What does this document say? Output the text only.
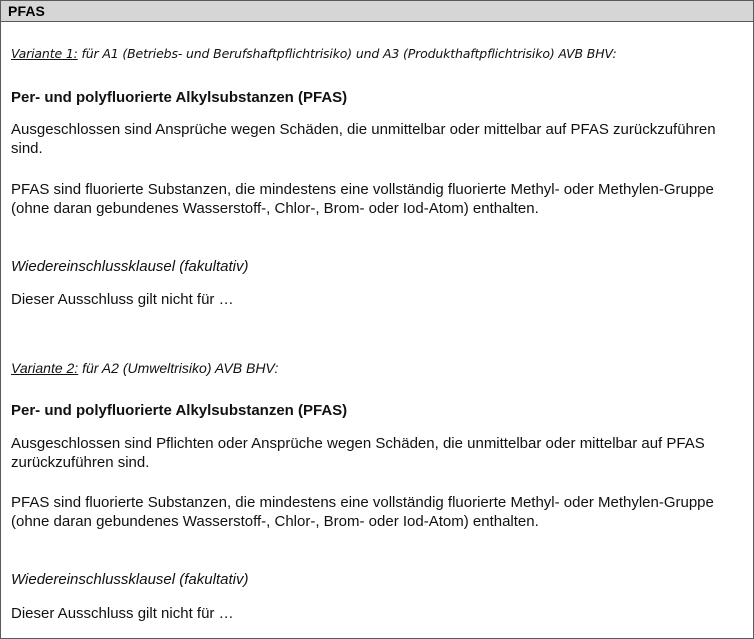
PFAS

Variante 1: für A1 (Betriebs- und Berufshaftpflichtrisiko) und A3 (Produkthaftpflichtrisiko) AVB BHV:

Per- und polyfluorierte Alkylsubstanzen (PFAS)

Ausgeschlossen sind Ansprüche wegen Schäden, die unmittelbar oder mittelbar auf PFAS zurückzuführen sind.

PFAS sind fluorierte Substanzen, die mindestens eine vollständig fluorierte Methyl- oder Methylen-Gruppe (ohne daran gebundenes Wasserstoff-, Chlor-, Brom- oder Iod-Atom) enthalten.

Wiedereinschlussklausel (fakultativ)

Dieser Ausschluss gilt nicht für …

Variante 2: für A2 (Umweltrisiko) AVB BHV:

Per- und polyfluorierte Alkylsubstanzen (PFAS)

Ausgeschlossen sind Pflichten oder Ansprüche wegen Schäden, die unmittelbar oder mittelbar auf PFAS zurückzuführen sind.

PFAS sind fluorierte Substanzen, die mindestens eine vollständig fluorierte Methyl- oder Methylen-Gruppe (ohne daran gebundenes Wasserstoff-, Chlor-, Brom- oder Iod-Atom) enthalten.

Wiedereinschlussklausel (fakultativ)

Dieser Ausschluss gilt nicht für …
